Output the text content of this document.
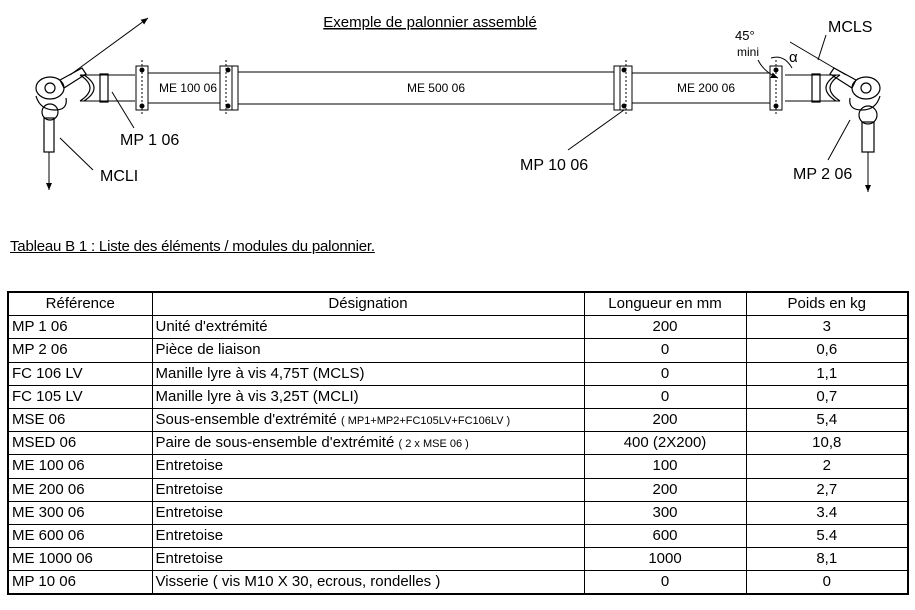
Exemple de palonnier assemblé
ME 100 06	ME 500 06	ME 200 06
MP 1 06
MCLI
MP 10 06
MP 2 06
MCLS
45°
mini α
Tableau B 1 : Liste des éléments / modules du palonnier.
Référence	Désignation	Longueur en mm	Poids en kg
MP 1 06	Unité d'extrémité	200	3
MP 2 06	Pièce de liaison	0	0,6
FC 106 LV	Manille lyre à vis 4,75T (MCLS)	0	1,1
FC 105 LV	Manille lyre à vis 3,25T (MCLI)	0	0,7
MSE 06	Sous-ensemble d'extrémité ( MP1+MP2+FC105LV+FC106LV )	200	5,4
MSED 06	Paire de sous-ensemble d'extrémité ( 2 x MSE 06 )	400 (2X200)	10,8
ME 100 06	Entretoise	100	2
ME 200 06	Entretoise	200	2,7
ME 300 06	Entretoise	300	3.4
ME 600 06	Entretoise	600	5.4
ME 1000 06	Entretoise	1000	8,1
MP 10 06	Visserie ( vis M10 X 30, ecrous, rondelles )	0	0
